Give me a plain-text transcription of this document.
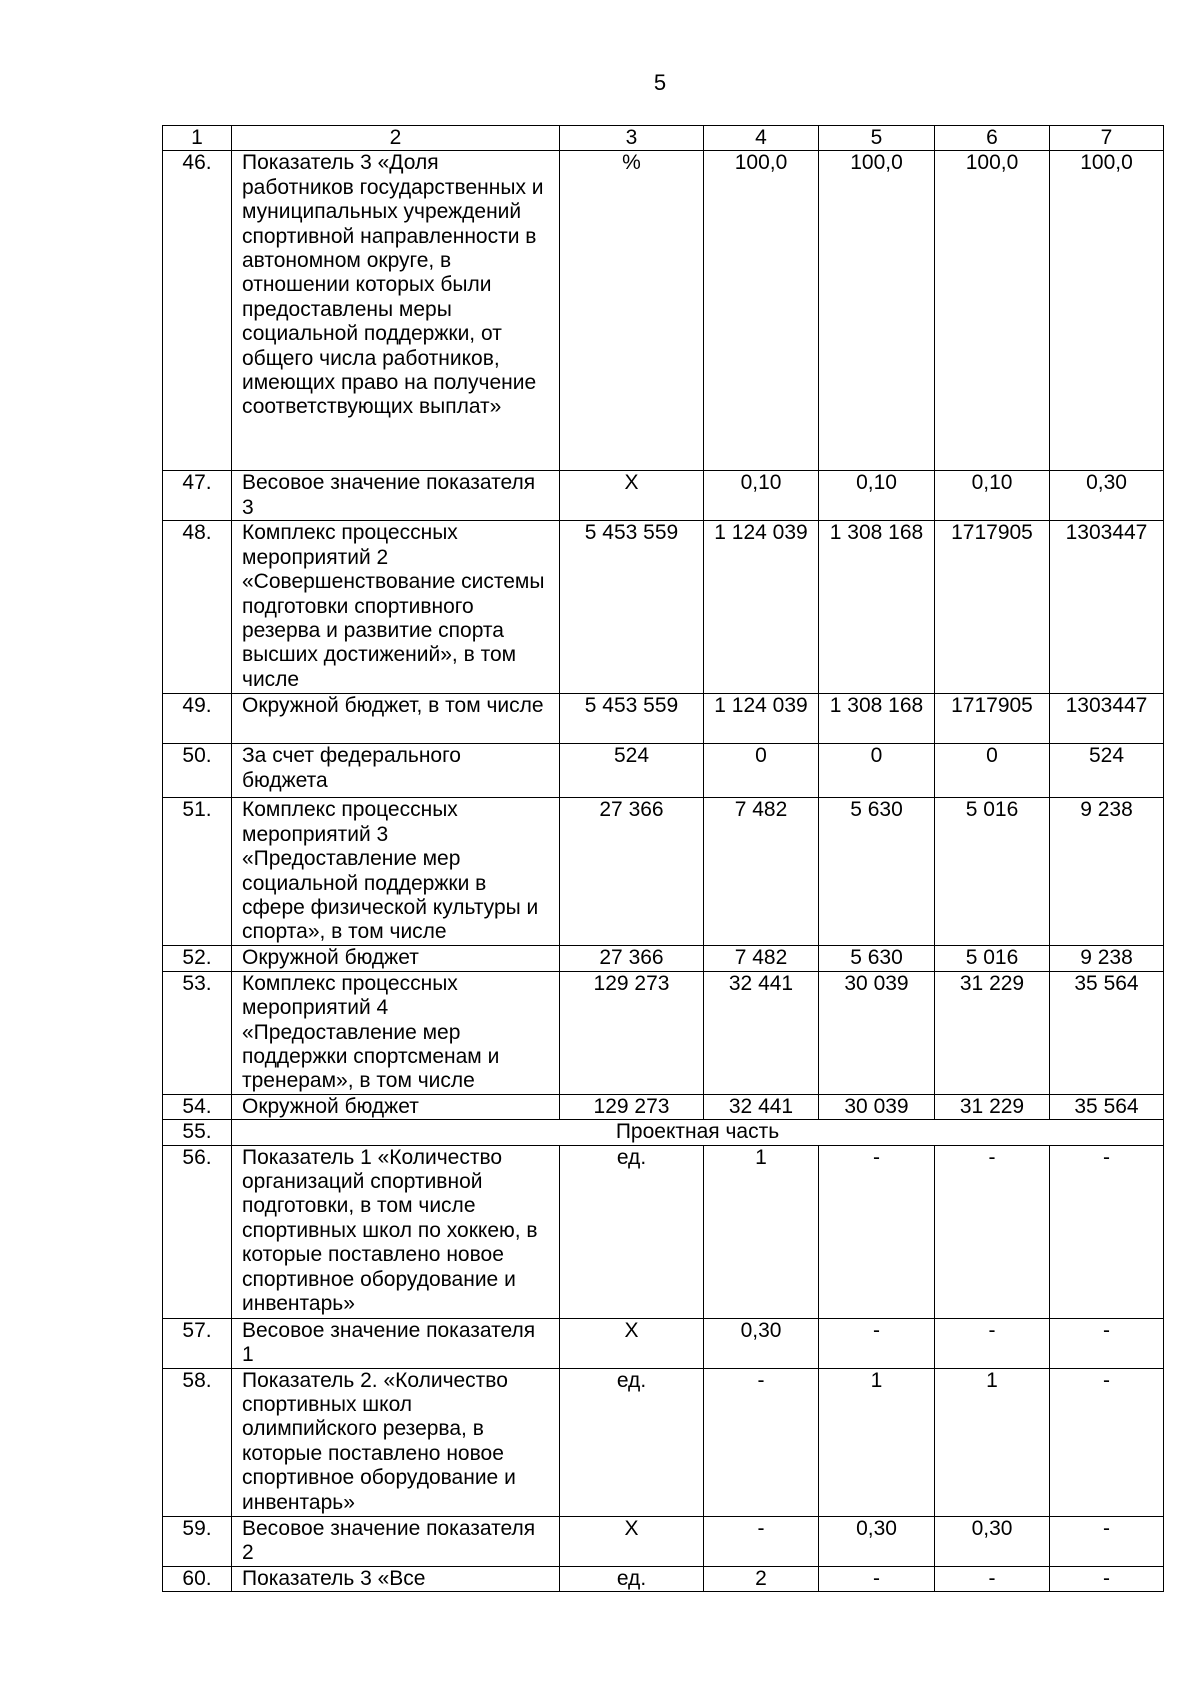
5
1	2	3	4	5	6	7
46.	Показатель 3 «Доля работников государственных и муниципальных учреждений спортивной направленности в автономном округе, в отношении которых были предоставлены меры социальной поддержки, от общего числа работников, имеющих право на получение соответствующих выплат»	%	100,0	100,0	100,0	100,0
47.	Весовое значение показателя 3	Х	0,10	0,10	0,10	0,30
48.	Комплекс процессных мероприятий 2 «Совершенствование системы подготовки спортивного резерва и развитие спорта высших достижений», в том числе	5 453 559	1 124 039	1 308 168	1717905	1303447
49.	Окружной бюджет, в том числе	5 453 559	1 124 039	1 308 168	1717905	1303447
50.	За счет федерального бюджета	524	0	0	0	524
51.	Комплекс процессных мероприятий 3 «Предоставление мер социальной поддержки в сфере физической культуры и спорта», в том числе	27 366	7 482	5 630	5 016	9 238
52.	Окружной бюджет	27 366	7 482	5 630	5 016	9 238
53.	Комплекс процессных мероприятий 4 «Предоставление мер поддержки спортсменам и тренерам», в том числе	129 273	32 441	30 039	31 229	35 564
54.	Окружной бюджет	129 273	32 441	30 039	31 229	35 564
55.	Проектная часть					
56.	Показатель 1 «Количество организаций спортивной подготовки, в том числе спортивных школ по хоккею, в которые поставлено новое спортивное оборудование и инвентарь»	ед.	1	-	-	-
57.	Весовое значение показателя 1	Х	0,30	-	-	-
58.	Показатель 2. «Количество спортивных школ олимпийского резерва, в которые поставлено новое спортивное оборудование и инвентарь»	ед.	-	1	1	-
59.	Весовое значение показателя 2	Х	-	0,30	0,30	-
60.	Показатель 3 «Все	ед.	2	-	-	-
